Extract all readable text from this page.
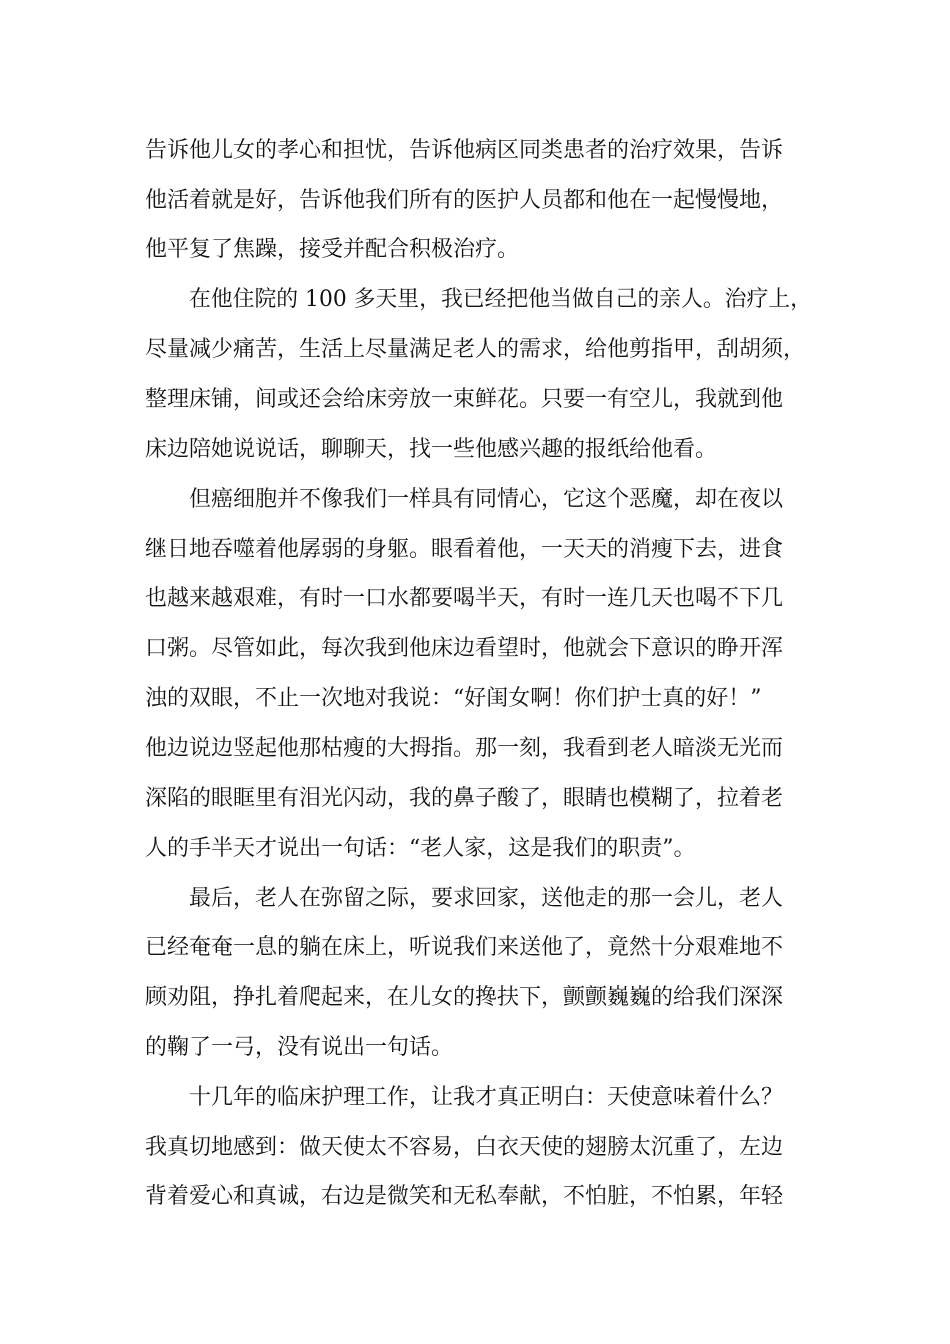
告诉他儿女的孝心和担忧，告诉他病区同类患者的治疗效果，告诉
他活着就是好，告诉他我们所有的医护人员都和他在一起慢慢地，
他平复了焦躁，接受并配合积极治疗。
在他住院的 100 多天里，我已经把他当做自己的亲人。治疗上，
尽量减少痛苦，生活上尽量满足老人的需求，给他剪指甲，刮胡须，
整理床铺，间或还会给床旁放一束鲜花。只要一有空儿，我就到他
床边陪她说说话，聊聊天，找一些他感兴趣的报纸给他看。
但癌细胞并不像我们一样具有同情心，它这个恶魔，却在夜以
继日地吞噬着他孱弱的身躯。眼看着他，一天天的消瘦下去，进食
也越来越艰难，有时一口水都要喝半天，有时一连几天也喝不下几
口粥。尽管如此，每次我到他床边看望时，他就会下意识的睁开浑
浊的双眼，不止一次地对我说：“好闺女啊！你们护士真的好！”
他边说边竖起他那枯瘦的大拇指。那一刻，我看到老人暗淡无光而
深陷的眼眶里有泪光闪动，我的鼻子酸了，眼睛也模糊了，拉着老
人的手半天才说出一句话：“老人家，这是我们的职责”。
最后，老人在弥留之际，要求回家，送他走的那一会儿，老人
已经奄奄一息的躺在床上，听说我们来送他了，竟然十分艰难地不
顾劝阻，挣扎着爬起来，在儿女的搀扶下，颤颤巍巍的给我们深深
的鞠了一弓，没有说出一句话。
十几年的临床护理工作，让我才真正明白：天使意味着什么？
我真切地感到：做天使太不容易，白衣天使的翅膀太沉重了，左边
背着爱心和真诚，右边是微笑和无私奉献，不怕脏，不怕累，年轻
